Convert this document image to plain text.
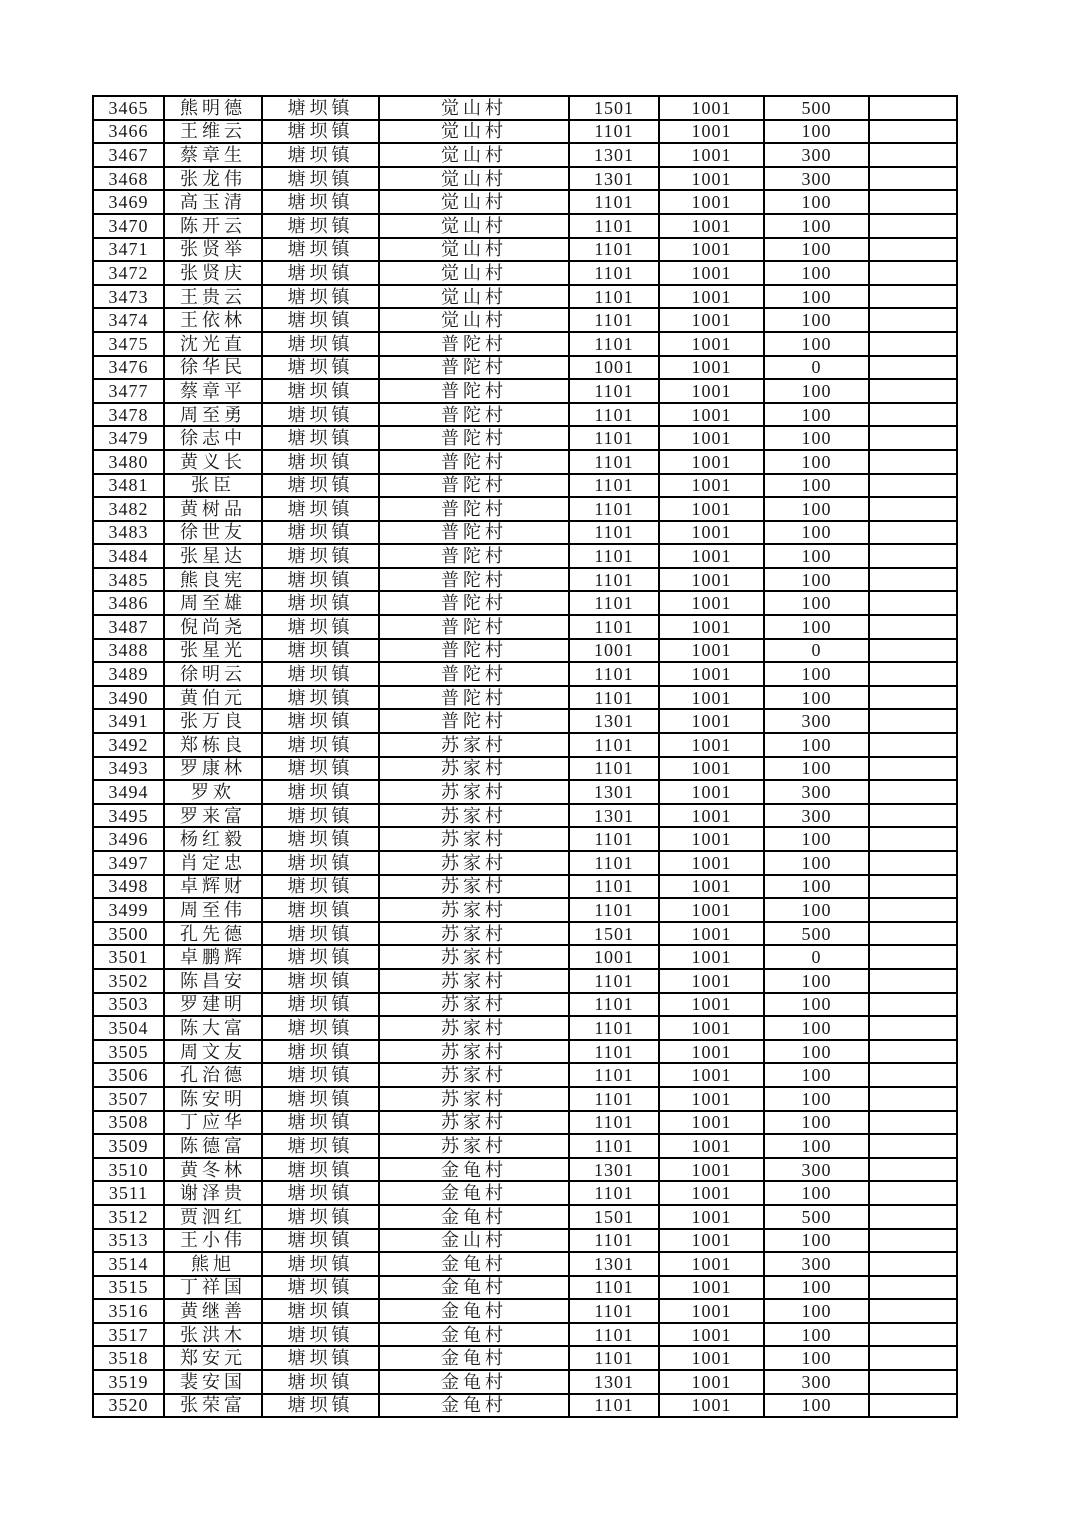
3465	熊明德	塘坝镇	觉山村	1501	1001	500	
3466	王维云	塘坝镇	觉山村	1101	1001	100	
3467	蔡章生	塘坝镇	觉山村	1301	1001	300	
3468	张龙伟	塘坝镇	觉山村	1301	1001	300	
3469	高玉清	塘坝镇	觉山村	1101	1001	100	
3470	陈开云	塘坝镇	觉山村	1101	1001	100	
3471	张贤举	塘坝镇	觉山村	1101	1001	100	
3472	张贤庆	塘坝镇	觉山村	1101	1001	100	
3473	王贵云	塘坝镇	觉山村	1101	1001	100	
3474	王依林	塘坝镇	觉山村	1101	1001	100	
3475	沈光直	塘坝镇	普陀村	1101	1001	100	
3476	徐华民	塘坝镇	普陀村	1001	1001	0	
3477	蔡章平	塘坝镇	普陀村	1101	1001	100	
3478	周至勇	塘坝镇	普陀村	1101	1001	100	
3479	徐志中	塘坝镇	普陀村	1101	1001	100	
3480	黄义长	塘坝镇	普陀村	1101	1001	100	
3481	张臣	塘坝镇	普陀村	1101	1001	100	
3482	黄树品	塘坝镇	普陀村	1101	1001	100	
3483	徐世友	塘坝镇	普陀村	1101	1001	100	
3484	张星达	塘坝镇	普陀村	1101	1001	100	
3485	熊良宪	塘坝镇	普陀村	1101	1001	100	
3486	周至雄	塘坝镇	普陀村	1101	1001	100	
3487	倪尚尧	塘坝镇	普陀村	1101	1001	100	
3488	张星光	塘坝镇	普陀村	1001	1001	0	
3489	徐明云	塘坝镇	普陀村	1101	1001	100	
3490	黄伯元	塘坝镇	普陀村	1101	1001	100	
3491	张万良	塘坝镇	普陀村	1301	1001	300	
3492	郑栋良	塘坝镇	苏家村	1101	1001	100	
3493	罗康林	塘坝镇	苏家村	1101	1001	100	
3494	罗欢	塘坝镇	苏家村	1301	1001	300	
3495	罗来富	塘坝镇	苏家村	1301	1001	300	
3496	杨红毅	塘坝镇	苏家村	1101	1001	100	
3497	肖定忠	塘坝镇	苏家村	1101	1001	100	
3498	卓辉财	塘坝镇	苏家村	1101	1001	100	
3499	周至伟	塘坝镇	苏家村	1101	1001	100	
3500	孔先德	塘坝镇	苏家村	1501	1001	500	
3501	卓鹏辉	塘坝镇	苏家村	1001	1001	0	
3502	陈昌安	塘坝镇	苏家村	1101	1001	100	
3503	罗建明	塘坝镇	苏家村	1101	1001	100	
3504	陈大富	塘坝镇	苏家村	1101	1001	100	
3505	周文友	塘坝镇	苏家村	1101	1001	100	
3506	孔治德	塘坝镇	苏家村	1101	1001	100	
3507	陈安明	塘坝镇	苏家村	1101	1001	100	
3508	丁应华	塘坝镇	苏家村	1101	1001	100	
3509	陈德富	塘坝镇	苏家村	1101	1001	100	
3510	黄冬林	塘坝镇	金龟村	1301	1001	300	
3511	谢泽贵	塘坝镇	金龟村	1101	1001	100	
3512	贾泗红	塘坝镇	金龟村	1501	1001	500	
3513	王小伟	塘坝镇	金山村	1101	1001	100	
3514	熊旭	塘坝镇	金龟村	1301	1001	300	
3515	丁祥国	塘坝镇	金龟村	1101	1001	100	
3516	黄继善	塘坝镇	金龟村	1101	1001	100	
3517	张洪木	塘坝镇	金龟村	1101	1001	100	
3518	郑安元	塘坝镇	金龟村	1101	1001	100	
3519	裴安国	塘坝镇	金龟村	1301	1001	300	
3520	张荣富	塘坝镇	金龟村	1101	1001	100	
